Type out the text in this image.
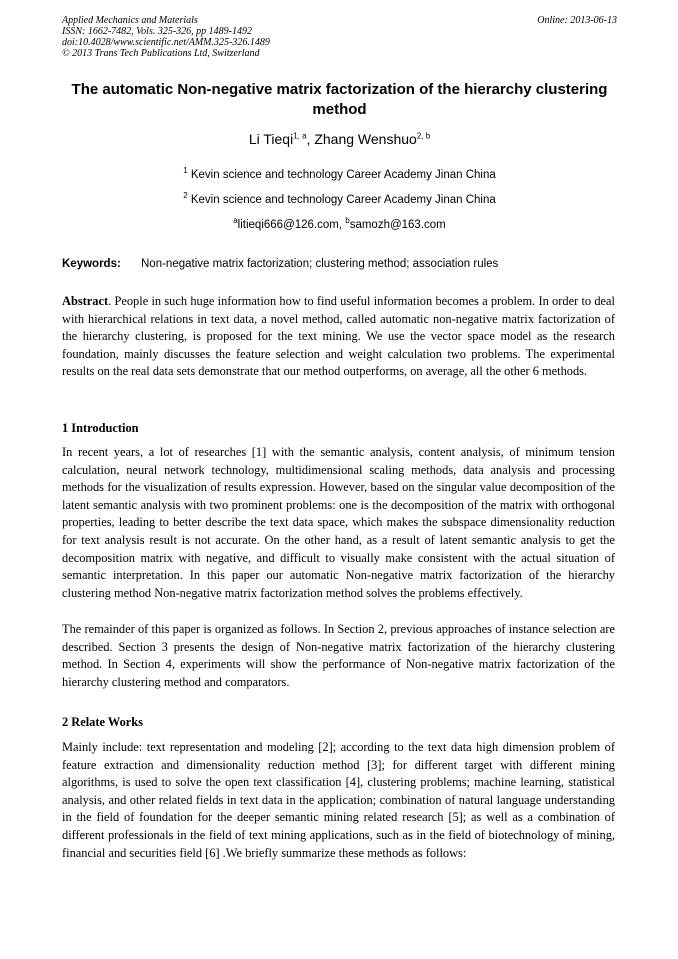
Applied Mechanics and Materials
ISSN: 1662-7482, Vols. 325-326, pp 1489-1492
doi:10.4028/www.scientific.net/AMM.325-326.1489
© 2013 Trans Tech Publications Ltd, Switzerland
Online: 2013-06-13
The automatic Non-negative matrix factorization of the hierarchy clustering method
Li Tieqi$^{1, a}$, Zhang Wenshuo$^{2, b}$
$^1$ Kevin science and technology Career Academy Jinan China
$^2$ Kevin science and technology Career Academy Jinan China
$^a$litieqi666@126.com, $^b$samozh@163.com
Keywords: Non-negative matrix factorization; clustering method; association rules
Abstract. People in such huge information how to find useful information becomes a problem. In order to deal with hierarchical relations in text data, a novel method, called automatic non-negative matrix factorization of the hierarchy clustering, is proposed for the text mining. We use the vector space model as the research foundation, mainly discusses the feature selection and weight calculation two problems. The experimental results on the real data sets demonstrate that our method outperforms, on average, all the other 6 methods.
1 Introduction
In recent years, a lot of researches [1] with the semantic analysis, content analysis, of minimum tension calculation, neural network technology, multidimensional scaling methods, data analysis and processing methods for the visualization of results expression. However, based on the singular value decomposition of the latent semantic analysis with two prominent problems: one is the decomposition of the matrix with orthogonal properties, leading to better describe the text data space, which makes the subspace dimensionality reduction for text analysis result is not accurate. On the other hand, as a result of latent semantic analysis to get the decomposition matrix with negative, and difficult to visually make consistent with the actual situation of semantic interpretation. In this paper our automatic Non-negative matrix factorization of the hierarchy clustering method Non-negative matrix factorization method solves the problems effectively.
The remainder of this paper is organized as follows. In Section 2, previous approaches of instance selection are described. Section 3 presents the design of Non-negative matrix factorization of the hierarchy clustering method. In Section 4, experiments will show the performance of Non-negative matrix factorization of the hierarchy clustering method and comparators.
2 Relate Works
Mainly include: text representation and modeling [2]; according to the text data high dimension problem of feature extraction and dimensionality reduction method [3]; for different target with different mining algorithms, is used to solve the open text classification [4], clustering problems; machine learning, statistical analysis, and other related fields in text data in the application; combination of natural language understanding in the field of foundation for the deeper semantic mining related research [5]; as well as a combination of different professionals in the field of text mining applications, such as in the field of biotechnology of mining, financial and securities field [6] .We briefly summarize these methods as follows:
